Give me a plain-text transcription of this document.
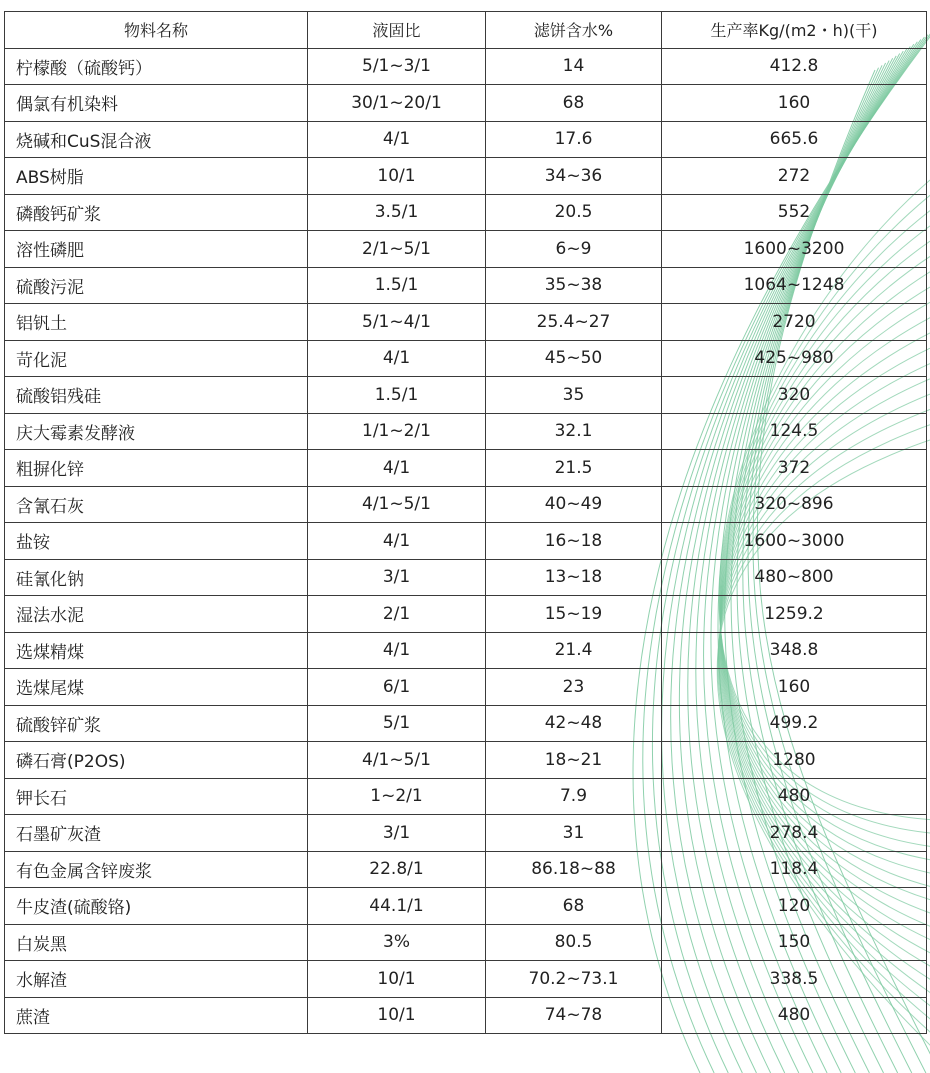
物料名称	液固比	滤饼含水%	生产率Kg/(m2・h)(干)
柠檬酸（硫酸钙）	5/1~3/1	14	412.8
偶氯有机染料	30/1~20/1	68	160
烧碱和CuS混合液	4/1	17.6	665.6
ABS树脂	10/1	34~36	272
磷酸钙矿浆	3.5/1	20.5	552
溶性磷肥	2/1~5/1	6~9	1600~3200
硫酸污泥	1.5/1	35~38	1064~1248
铝钒土	5/1~4/1	25.4~27	2720
苛化泥	4/1	45~50	425~980
硫酸铝残硅	1.5/1	35	320
庆大霉素发酵液	1/1~2/1	32.1	124.5
粗摒化锌	4/1	21.5	372
含氰石灰	4/1~5/1	40~49	320~896
盐铵	4/1	16~18	1600~3000
硅氰化钠	3/1	13~18	480~800
湿法水泥	2/1	15~19	1259.2
选煤精煤	4/1	21.4	348.8
选煤尾煤	6/1	23	160
硫酸锌矿浆	5/1	42~48	499.2
磷石膏(P2OS)	4/1~5/1	18~21	1280
钾长石	1~2/1	7.9	480
石墨矿灰渣	3/1	31	278.4
有色金属含锌废浆	22.8/1	86.18~88	118.4
牛皮渣(硫酸铬)	44.1/1	68	120
白炭黑	3%	80.5	150
水解渣	10/1	70.2~73.1	338.5
蔗渣	10/1	74~78	480
